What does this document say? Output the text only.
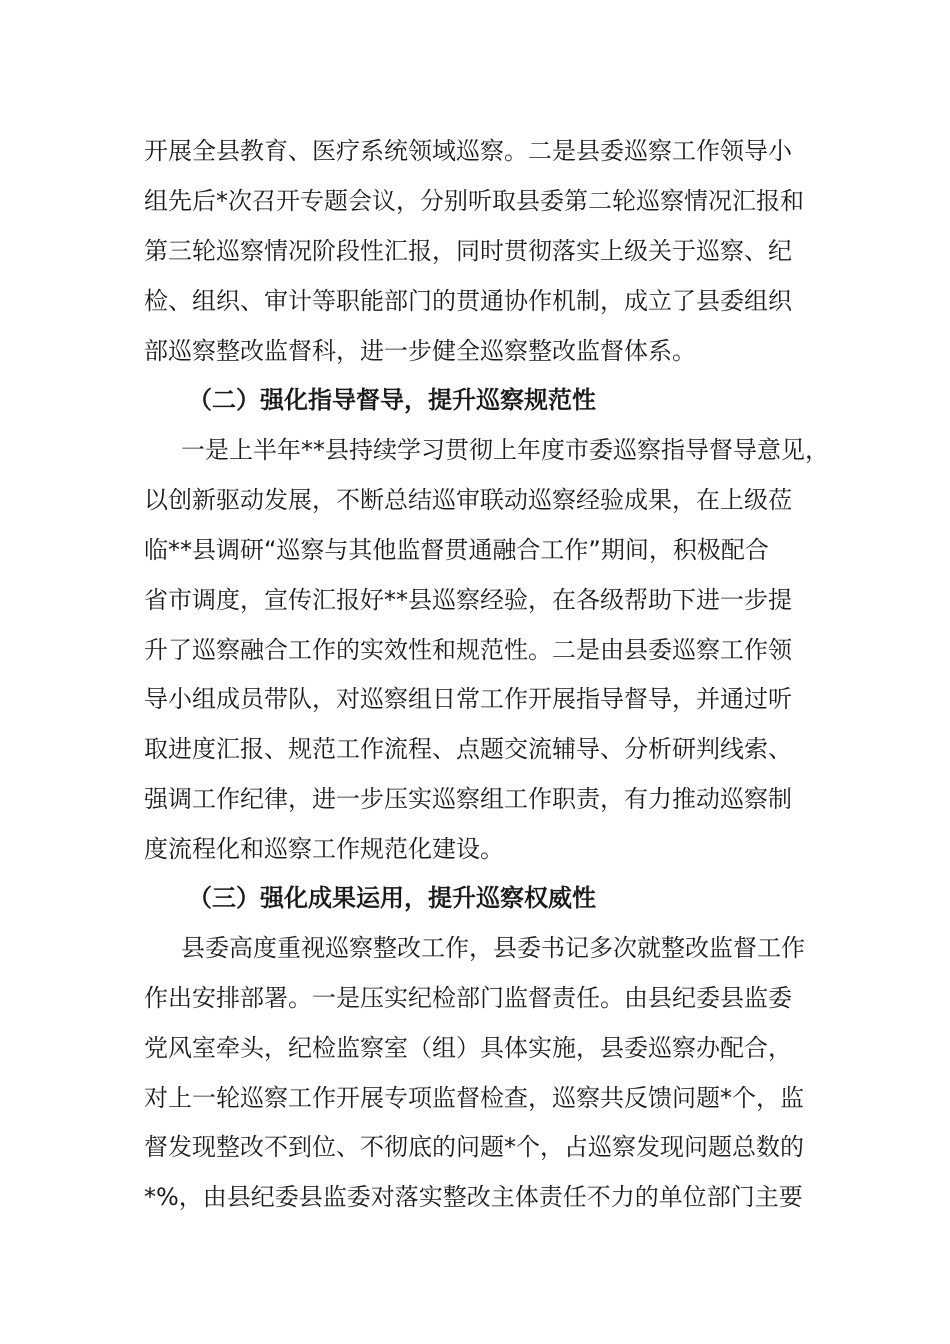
开展全县教育、医疗系统领域巡察。二是县委巡察工作领导小
组先后*次召开专题会议，分别听取县委第二轮巡察情况汇报和
第三轮巡察情况阶段性汇报，同时贯彻落实上级关于巡察、纪
检、组织、审计等职能部门的贯通协作机制，成立了县委组织
部巡察整改监督科，进一步健全巡察整改监督体系。
（二）强化指导督导，提升巡察规范性
一是上半年**县持续学习贯彻上年度市委巡察指导督导意见，
以创新驱动发展，不断总结巡审联动巡察经验成果，在上级莅
临**县调研“巡察与其他监督贯通融合工作”期间，积极配合
省市调度，宣传汇报好**县巡察经验，在各级帮助下进一步提
升了巡察融合工作的实效性和规范性。二是由县委巡察工作领
导小组成员带队，对巡察组日常工作开展指导督导，并通过听
取进度汇报、规范工作流程、点题交流辅导、分析研判线索、
强调工作纪律，进一步压实巡察组工作职责，有力推动巡察制
度流程化和巡察工作规范化建设。
（三）强化成果运用，提升巡察权威性
县委高度重视巡察整改工作，县委书记多次就整改监督工作
作出安排部署。一是压实纪检部门监督责任。由县纪委县监委
党风室牵头，纪检监察室（组）具体实施，县委巡察办配合，
对上一轮巡察工作开展专项监督检查，巡察共反馈问题*个，监
督发现整改不到位、不彻底的问题*个，占巡察发现问题总数的
*%，由县纪委县监委对落实整改主体责任不力的单位部门主要
